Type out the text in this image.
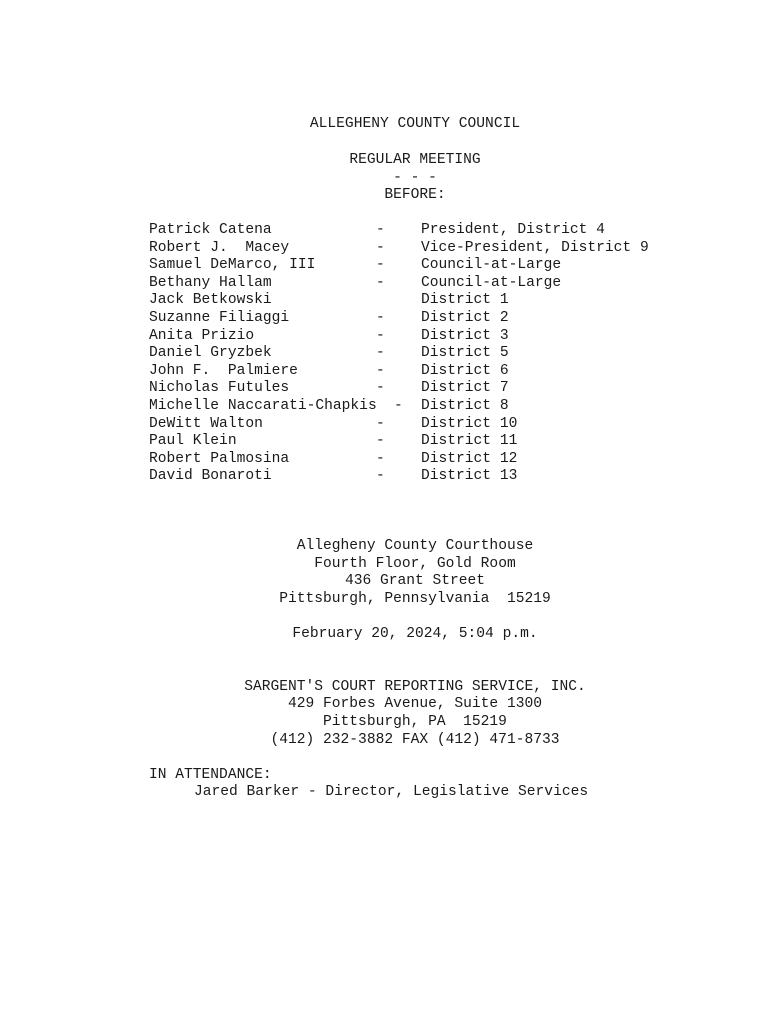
ALLEGHENY COUNTY COUNCIL
REGULAR MEETING
- - -
BEFORE:
Patrick Catena	- President, District 4
Robert J.  Macey	- Vice-President, District 9
Samuel DeMarco, III	- Council-at-Large
Bethany Hallam	- Council-at-Large
Jack Betkowski	District 1
Suzanne Filiaggi	- District 2
Anita Prizio	- District 3
Daniel Gryzbek	- District 5
John F.  Palmiere	- District 6
Nicholas Futules	- District 7
Michelle Naccarati-Chapkis - District 8
DeWitt Walton	- District 10
Paul Klein	- District 11
Robert Palmosina	- District 12
David Bonaroti	- District 13
Allegheny County Courthouse
Fourth Floor, Gold Room
436 Grant Street
Pittsburgh, Pennsylvania  15219
February 20, 2024, 5:04 p.m.
SARGENT'S COURT REPORTING SERVICE, INC.
429 Forbes Avenue, Suite 1300
Pittsburgh, PA  15219
(412) 232-3882 FAX (412) 471-8733
IN ATTENDANCE:
Jared Barker - Director, Legislative Services
